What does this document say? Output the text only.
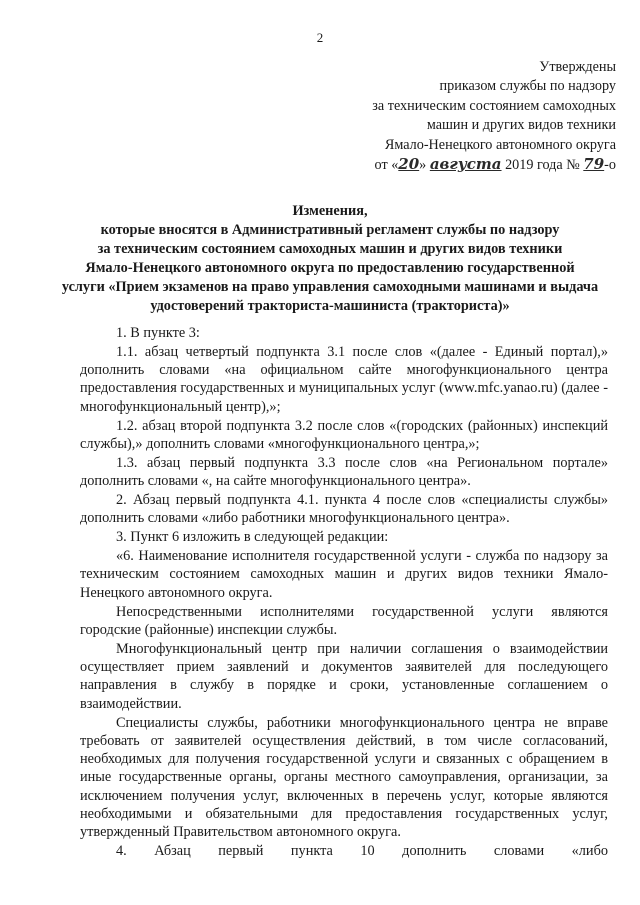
2
Утверждены
приказом службы по надзору
за техническим состоянием самоходных
машин и других видов техники
Ямало-Ненецкого автономного округа
от «20» августа 2019 года № 79-о
Изменения,
которые вносятся в Административный регламент службы по надзору
за техническим состоянием самоходных машин и других видов техники
Ямало-Ненецкого автономного округа по предоставлению государственной
услуги «Прием экзаменов на право управления самоходными машинами и выдача
удостоверений тракториста-машиниста (тракториста)»

1. В пункте 3:

1.1. абзац четвертый подпункта 3.1 после слов «(далее - Единый портал),» дополнить словами «на официальном сайте многофункционального центра предоставления государственных и муниципальных услуг (www.mfc.yanao.ru) (далее - многофункциональный центр),»;

1.2. абзац второй подпункта 3.2 после слов «(городских (районных) инспекций службы),» дополнить словами «многофункционального центра,»;

1.3. абзац первый подпункта 3.3 после слов «на Региональном портале» дополнить словами «, на сайте многофункционального центра».

2. Абзац первый подпункта 4.1. пункта 4 после слов «специалисты службы» дополнить словами «либо работники многофункционального центра».

3. Пункт 6 изложить в следующей редакции:

«6. Наименование исполнителя государственной услуги - служба по надзору за техническим состоянием самоходных машин и других видов техники Ямало-Ненецкого автономного округа.

Непосредственными исполнителями государственной услуги являются городские (районные) инспекции службы.

Многофункциональный центр при наличии соглашения о взаимодействии осуществляет прием заявлений и документов заявителей для последующего направления в службу в порядке и сроки, установленные соглашением о взаимодействии.

Специалисты службы, работники многофункционального центра не вправе требовать от заявителей осуществления действий, в том числе согласований, необходимых для получения государственной услуги и связанных с обращением в иные государственные органы, органы местного самоуправления, организации, за исключением получения услуг, включенных в перечень услуг, которые являются необходимыми и обязательными для предоставления государственных услуг, утвержденный Правительством автономного округа.

4. Абзац первый пункта 10 дополнить словами «либо
